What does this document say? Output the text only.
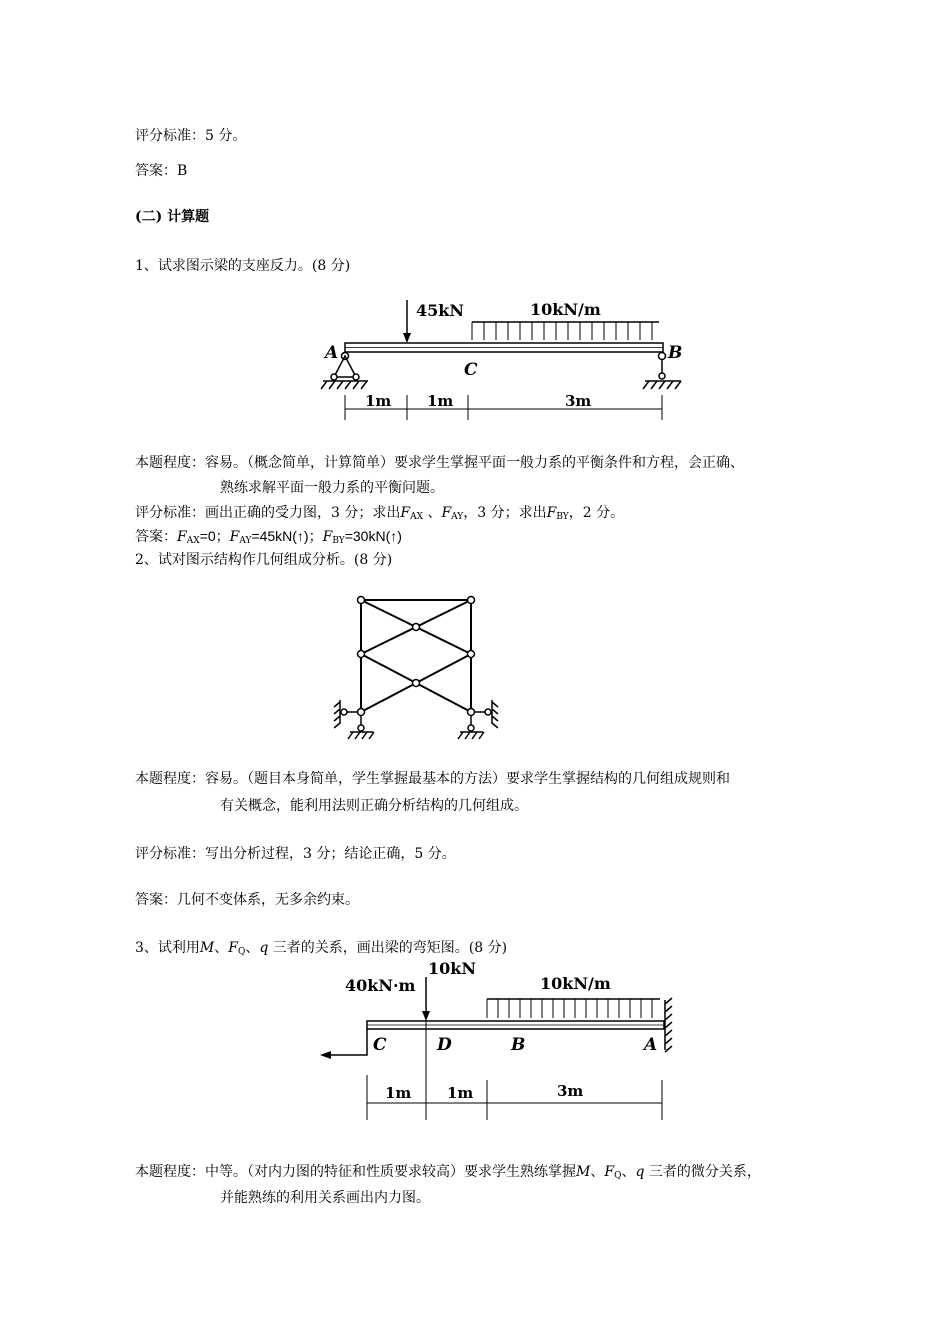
评分标准：5 分。
答案：B
(二) 计算题
1、试求图示梁的支座反力。(8 分)
45kN	10kN/m
A	B
C
1m 1m	3m
本题程度：容易。（概念简单，计算简单）要求学生掌握平面一般力系的平衡条件和方程，会正确、
熟练求解平面一般力系的平衡问题。
评分标准：画出正确的受力图，3 分；求出$F_{AX}$ 、$F_{AY}$，3 分；求出$F_{BY}$，2 分。
答案：$F_{AX}=0$；$F_{AY}=45kN(↑)$；$F_{BY}=30kN(↑)$
2、试对图示结构作几何组成分析。(8 分)
本题程度：容易。（题目本身简单，学生掌握最基本的方法）要求学生掌握结构的几何组成规则和
有关概念，能利用法则正确分析结构的几何组成。
评分标准：写出分析过程，3 分；结论正确，5 分。
答案：几何不变体系，无多余约束。
3、试利用M、$F_Q$、q 三者的关系，画出梁的弯矩图。(8 分)
10kN
40kN·m	10kN/m
C	D	B	A
1m 1m	3m
本题程度：中等。（对内力图的特征和性质要求较高）要求学生熟练掌握M、$F_Q$、q 三者的微分关系，
并能熟练的利用关系画出内力图。
